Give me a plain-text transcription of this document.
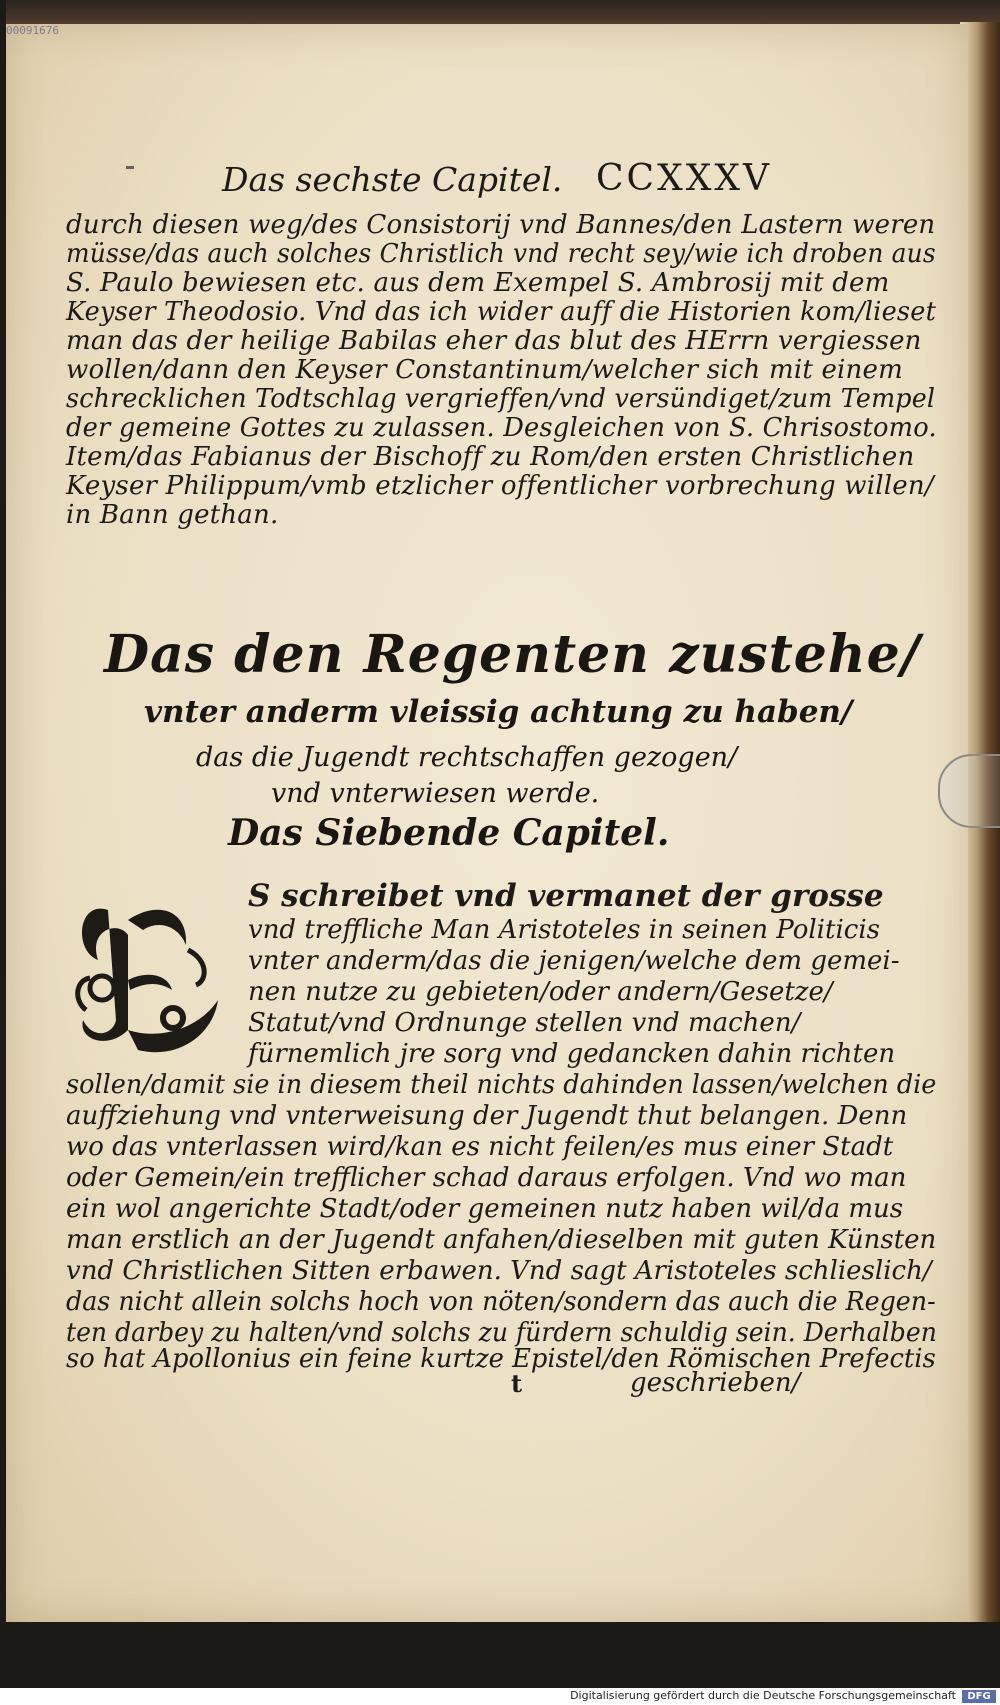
00091676
Das sechste Capitel. CCXXXV
durch diesen weg/des Consistorij vnd Bannes/den Lastern weren
müsse/das auch solches Christlich vnd recht sey/wie ich droben aus
S. Paulo bewiesen etc. aus dem Exempel S. Ambrosij mit dem
Keyser Theodosio. Vnd das ich wider auff die Historien kom/lieset
man das der heilige Babilas eher das blut des HErrn vergiessen
wollen/dann den Keyser Constantinum/welcher sich mit einem
schrecklichen Todtschlag vergrieffen/vnd versündiget/zum Tempel
der gemeine Gottes zu zulassen. Desgleichen von S. Chrisostomo.
Item/das Fabianus der Bischoff zu Rom/den ersten Christlichen
Keyser Philippum/vmb etzlicher offentlicher vorbrechung willen/
in Bann gethan.
Das den Regenten zustehe/
vnter anderm vleissig achtung zu haben/
das die Jugendt rechtschaffen gezogen/
vnd vnterwiesen werde.
Das Siebende Capitel.
S schreibet vnd vermanet der grosse
vnd treffliche Man Aristoteles in seinen Politicis
vnter anderm/das die jenigen/welche dem gemei-
nen nutze zu gebieten/oder andern/Gesetze/
Statut/vnd Ordnunge stellen vnd machen/
fürnemlich jre sorg vnd gedancken dahin richten
sollen/damit sie in diesem theil nichts dahinden lassen/welchen die
auffziehung vnd vnterweisung der Jugendt thut belangen. Denn
wo das vnterlassen wird/kan es nicht feilen/es mus einer Stadt
oder Gemein/ein trefflicher schad daraus erfolgen. Vnd wo man
ein wol angerichte Stadt/oder gemeinen nutz haben wil/da mus
man erstlich an der Jugendt anfahen/dieselben mit guten Künsten
vnd Christlichen Sitten erbawen. Vnd sagt Aristoteles schlieslich/
das nicht allein solchs hoch von nöten/sondern das auch die Regen-
ten darbey zu halten/vnd solchs zu fürdern schuldig sein. Derhalben
so hat Apollonius ein feine kurtze Epistel/den Römischen Prefectis
t	geschrieben/
Digitalisierung gefördert durch die Deutsche Forschungsgemeinschaft	DFG
